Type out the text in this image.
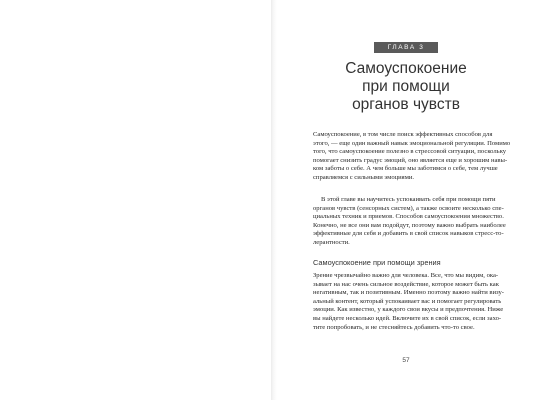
ГЛАВА 3
Самоуспокоение
при помощи
органов чувств

Самоуспокоение, в том числе поиск эффективных способов для
этого, — еще один важный навык эмоциональной регуляции. Помимо
того, что самоуспокоение полезно в стрессовой ситуации, поскольку
помогает снизить градус эмоций, оно является еще и хорошим навы-
ком заботы о себе. А чем больше мы заботимся о себе, тем лучше
справляемся с сильными эмоциями.

В этой главе вы научитесь успокаивать себя при помощи пяти
органов чувств (сенсорных систем), а также освоите несколько спе-
циальных техник и приемов. Способов самоуспокоения множество.
Конечно, не все они вам подойдут, поэтому важно выбрать наиболее
эффективные для себя и добавить в свой список навыков стресс-то-
лерантности.

Самоуспокоение при помощи зрения

Зрение чрезвычайно важно для человека. Все, что мы видим, ока-
зывает на нас очень сильное воздействие, которое может быть как
негативным, так и позитивным. Именно поэтому важно найти визу-
альный контент, который успокаивает вас и помогает регулировать
эмоции. Как известно, у каждого свои вкусы и предпочтения. Ниже
вы найдете несколько идей. Включите их в свой список, если захо-
тите попробовать, и не стесняйтесь добавить что-то свое.

57
